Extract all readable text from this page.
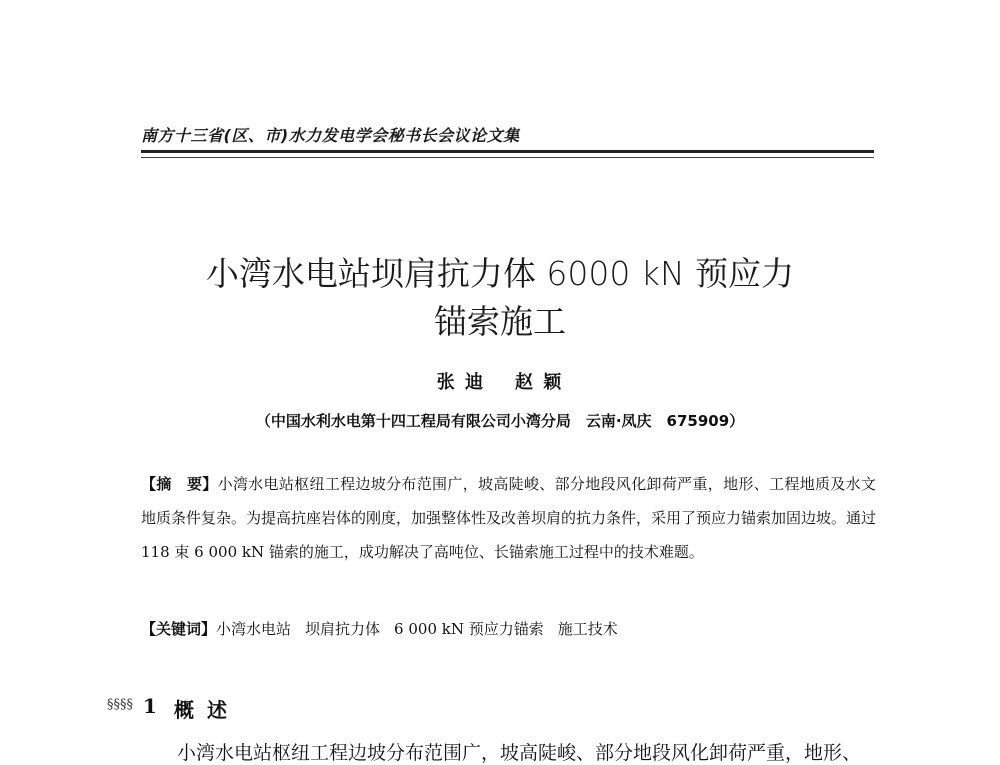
南方十三省(区、市)水力发电学会秘书长会议论文集
小湾水电站坝肩抗力体 6000 kN 预应力
锚索施工
张 迪 赵 颖
（中国水利水电第十四工程局有限公司小湾分局　云南·凤庆　675909）
【摘　要】小湾水电站枢纽工程边坡分布范围广，坡高陡峻、部分地段风化卸荷严重，地形、工程地质及水文地质条件复杂。为提高抗座岩体的刚度，加强整体性及改善坝肩的抗力条件，采用了预应力锚索加固边坡。通过 118 束 6 000 kN 锚索的施工，成功解决了高吨位、长锚索施工过程中的技术难题。
【关键词】小湾水电站 坝肩抗力体 6 000 kN 预应力锚索 施工技术
§§§§ 1 概 述
小湾水电站枢纽工程边坡分布范围广，坡高陡峻、部分地段风化卸荷严重，地形、
